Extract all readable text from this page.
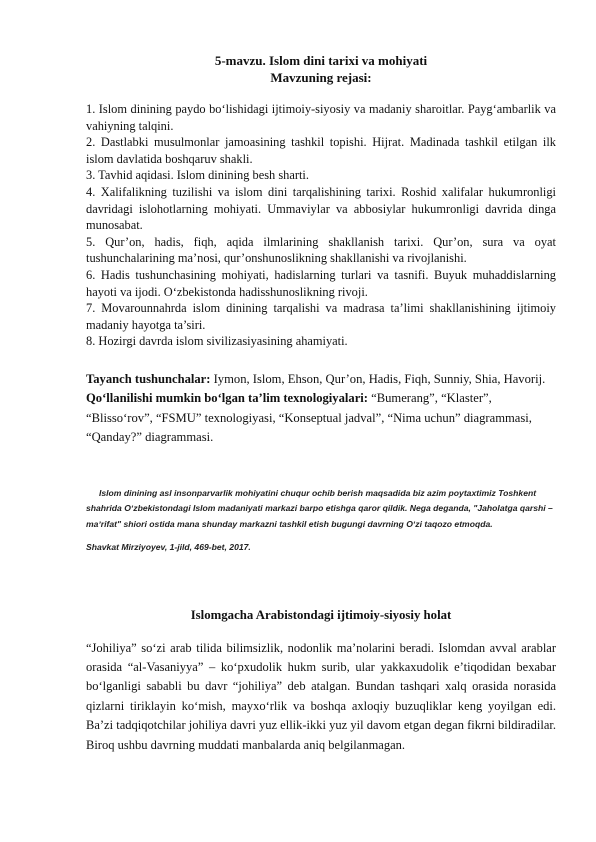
5-mavzu. Islom dini tarixi va mohiyati
Mavzuning rejasi:

1. Islom dinining paydo boʻlishidagi ijtimoiy-siyosiy va madaniy sharoitlar. Paygʻambarlik va vahiyning talqini.

2. Dastlabki musulmonlar jamoasining tashkil topishi. Hijrat. Madinada tashkil etilgan ilk islom davlatida boshqaruv shakli.

3. Tavhid aqidasi. Islom dinining besh sharti.

4. Xalifalikning tuzilishi va islom dini tarqalishining tarixi. Roshid xalifalar hukumronligi davridagi islohotlarning mohiyati. Ummaviylar va abbosiylar hukumronligi davrida dinga munosabat.

5. Qur’on, hadis, fiqh, aqida ilmlarining shakllanish tarixi. Qur’on, sura va oyat tushunchalarining ma’nosi, qur’onshunoslikning shakllanishi va rivojlanishi.

6. Hadis tushunchasining mohiyati, hadislarning turlari va tasnifi. Buyuk muhaddislarning hayoti va ijodi. Oʻzbekistonda hadisshunoslikning rivoji.

7. Movarounnahrda islom dinining tarqalishi va madrasa ta’limi shakllanishining ijtimoiy madaniy hayotga ta’siri.

8. Hozirgi davrda islom sivilizasiyasining ahamiyati.

Tayanch tushunchalar: Iymon, Islom, Ehson, Qur’on, Hadis, Fiqh, Sunniy, Shia, Havorij.

Qoʻllanilishi mumkin boʻlgan ta’lim texnologiyalari: “Bumerang”, “Klaster”, “Blissoʻrov”, “FSMU” texnologiyasi, “Konseptual jadval”, “Nima uchun” diagrammasi, “Qanday?” diagrammasi.

Islom dinining asl insonparvarlik mohiyatini chuqur ochib berish maqsadida biz azim poytaxtimiz Toshkent shahrida Oʻzbekistondagi Islom madaniyati markazi barpo etishga qaror qildik. Nega deganda, "Jaholatga qarshi – maʼrifat" shiori ostida mana shunday markazni tashkil etish bugungi davrning Oʻzi taqozo etmoqda.

Shavkat Mirziyoyev, 1-jild, 469-bet, 2017.

Islomgacha Arabistondagi ijtimoiy-siyosiy holat

“Johiliya” soʻzi arab tilida bilimsizlik, nodonlik ma’nolarini beradi. Islomdan avval arablar orasida “al-Vasaniyya” – koʻpxudolik hukm surib, ular yakkaxudolik e’tiqodidan bexabar boʻlganligi sababli bu davr “johiliya” deb atalgan. Bundan tashqari xalq orasida norasida qizlarni tiriklayin koʻmish, mayxoʻrlik va boshqa axloqiy buzuqliklar keng yoyilgan edi. Ba’zi tadqiqotchilar johiliya davri yuz ellik-ikki yuz yil davom etgan degan fikrni bildiradilar. Biroq ushbu davrning muddati manbalarda aniq belgilanmagan.
